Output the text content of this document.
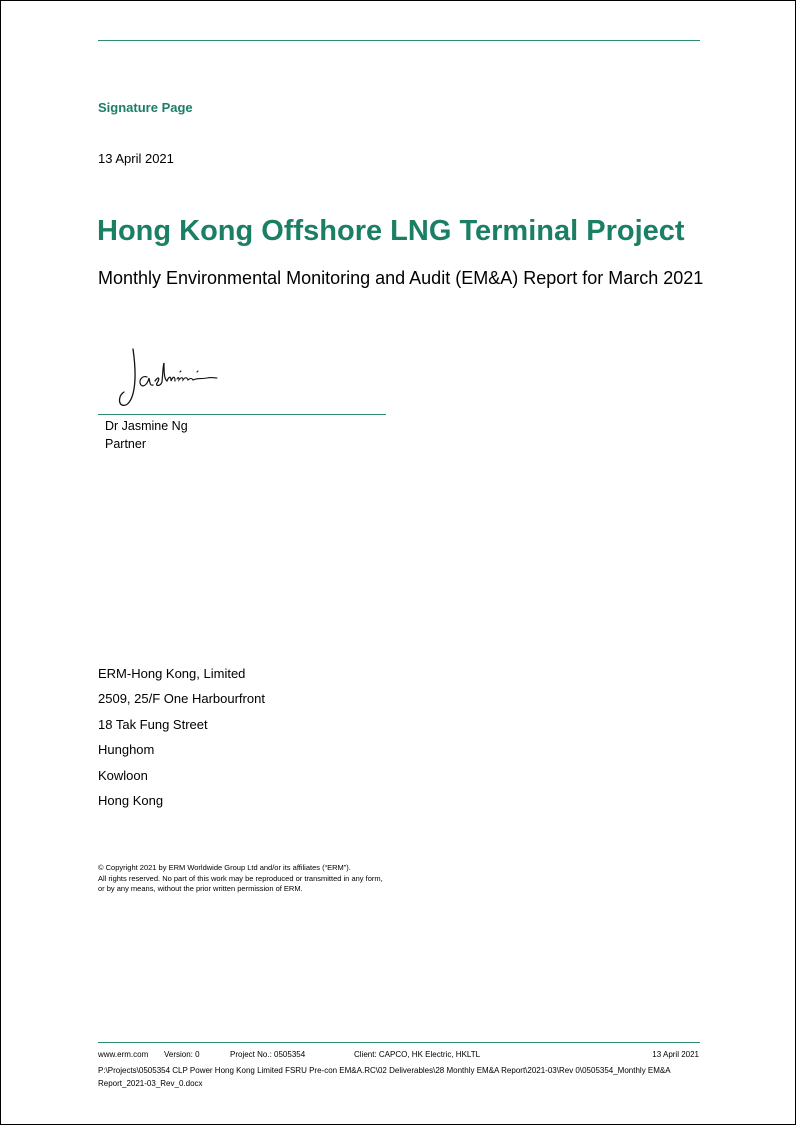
Signature Page
13 April 2021
Hong Kong Offshore LNG Terminal Project
Monthly Environmental Monitoring and Audit (EM&A) Report for March 2021
Dr Jasmine Ng
Partner
ERM-Hong Kong, Limited
2509, 25/F One Harbourfront
18 Tak Fung Street
Hunghom
Kowloon
Hong Kong
© Copyright 2021 by ERM Worldwide Group Ltd and/or its affiliates (“ERM”).
All rights reserved. No part of this work may be reproduced or transmitted in any form,
or by any means, without the prior written permission of ERM.
www.erm.com Version: 0	Project No.: 0505354	Client: CAPCO, HK Electric, HKLTL	13 April 2021
P:\Projects\0505354 CLP Power Hong Kong Limited FSRU Pre-con EM&A.RC\02 Deliverables\28 Monthly EM&A Report\2021-03\Rev 0\0505354_Monthly EM&A Report_2021-03_Rev_0.docx
